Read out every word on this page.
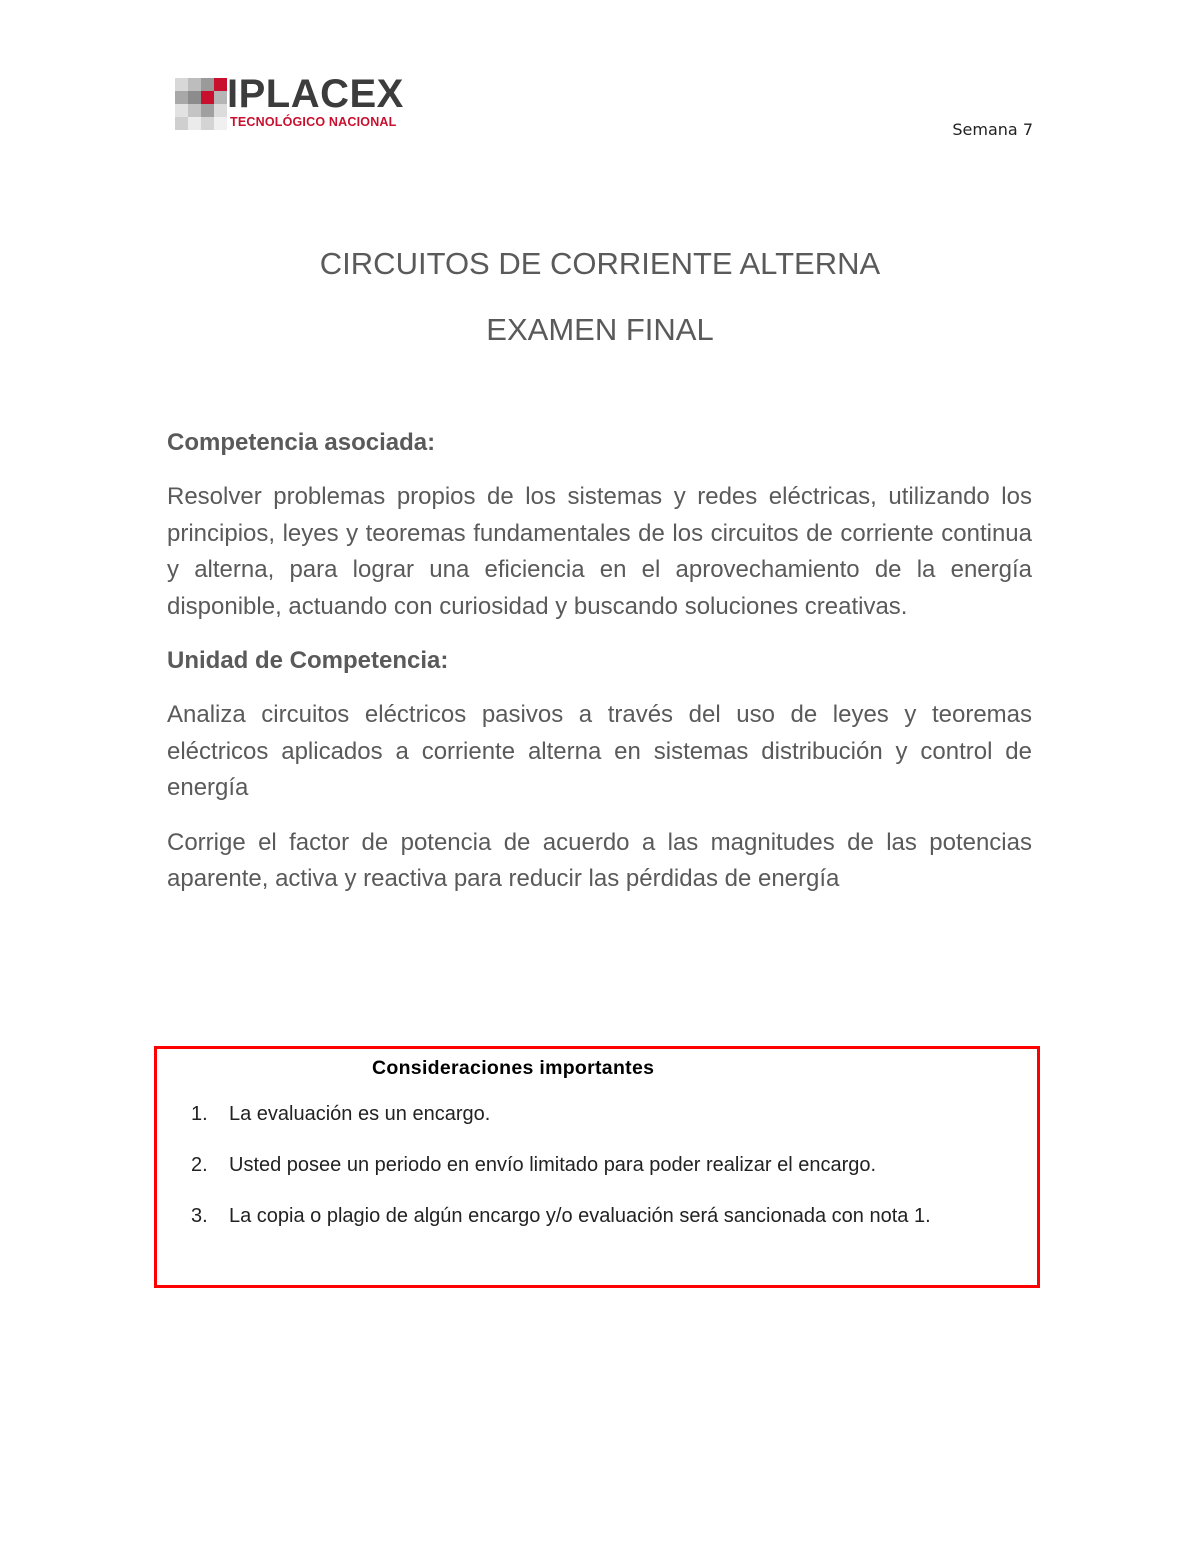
IPLACEX
TECNOLÓGICO NACIONAL	Semana 7
CIRCUITOS DE CORRIENTE ALTERNA
EXAMEN FINAL

Competencia asociada:

Resolver problemas propios de los sistemas y redes eléctricas, utilizando los principios, leyes y teoremas fundamentales de los circuitos de corriente continua y alterna, para lograr una eficiencia en el aprovechamiento de la energía disponible, actuando con curiosidad y buscando soluciones creativas.

Unidad de Competencia:

Analiza circuitos eléctricos pasivos a través del uso de leyes y teoremas eléctricos aplicados a corriente alterna en sistemas distribución y control de energía

Corrige el factor de potencia de acuerdo a las magnitudes de las potencias aparente, activa y reactiva para reducir las pérdidas de energía

Consideraciones importantes
1. La evaluación es un encargo.
2. Usted posee un periodo en envío limitado para poder realizar el encargo.
3. La copia o plagio de algún encargo y/o evaluación será sancionada con nota 1.
